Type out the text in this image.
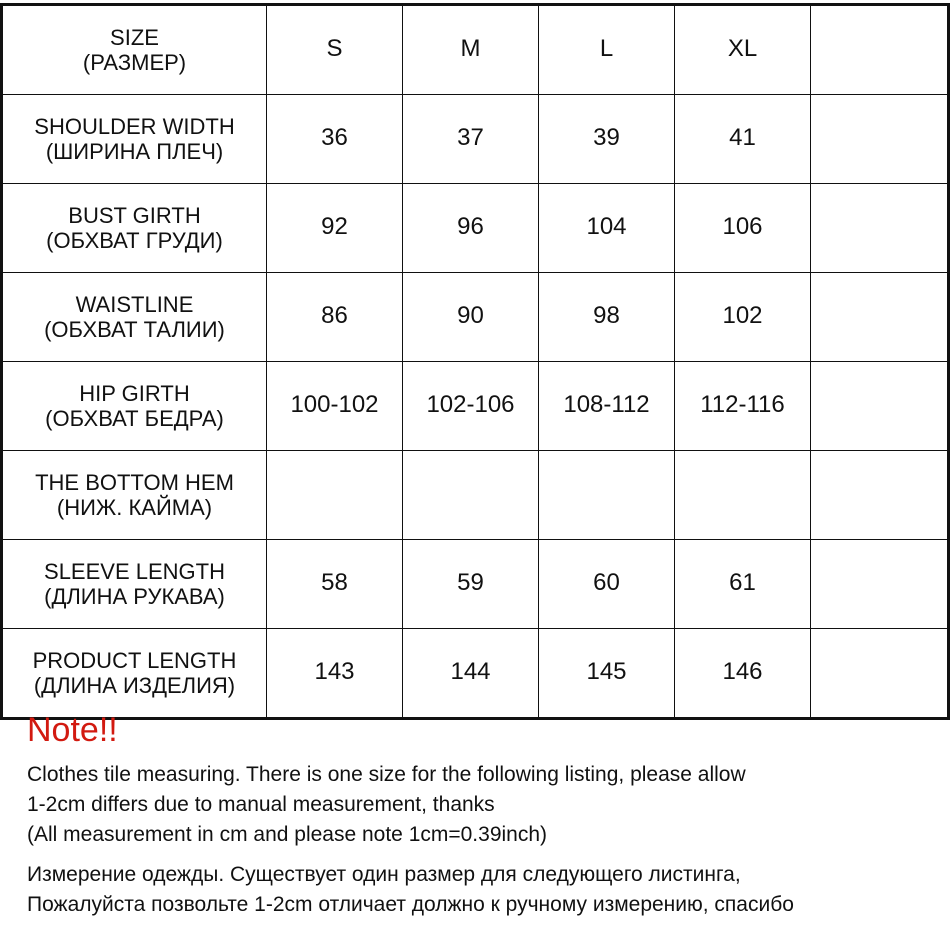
SIZE
(РАЗМЕР)	S	M	L	XL	

SHOULDER WIDTH
(ШИРИНА ПЛЕЧ)	36	37	39	41	

BUST GIRTH
(ОБХВАТ ГРУДИ)	92	96	104	106	

WAISTLINE
(ОБХВАТ ТАЛИИ)	86	90	98	102	

HIP GIRTH
(ОБХВАТ БЕДРА)	100-102	102-106	108-112	112-116	

THE BOTTOM HEM
(НИЖ. КАЙМА)					

SLEEVE LENGTH
(ДЛИНА РУКАВА)	58	59	60	61	

PRODUCT LENGTH
(ДЛИНА ИЗДЕЛИЯ)	143	144	145	146	
Note!!
Clothes tile measuring. There is one size for the following listing, please allow
1-2cm differs due to manual measurement, thanks
(All measurement in cm and please note 1cm=0.39inch)
Измерение одежды. Существует один размер для следующего листинга,
Пожалуйста позвольте 1-2cm отличает должно к ручному измерению, спасибо
